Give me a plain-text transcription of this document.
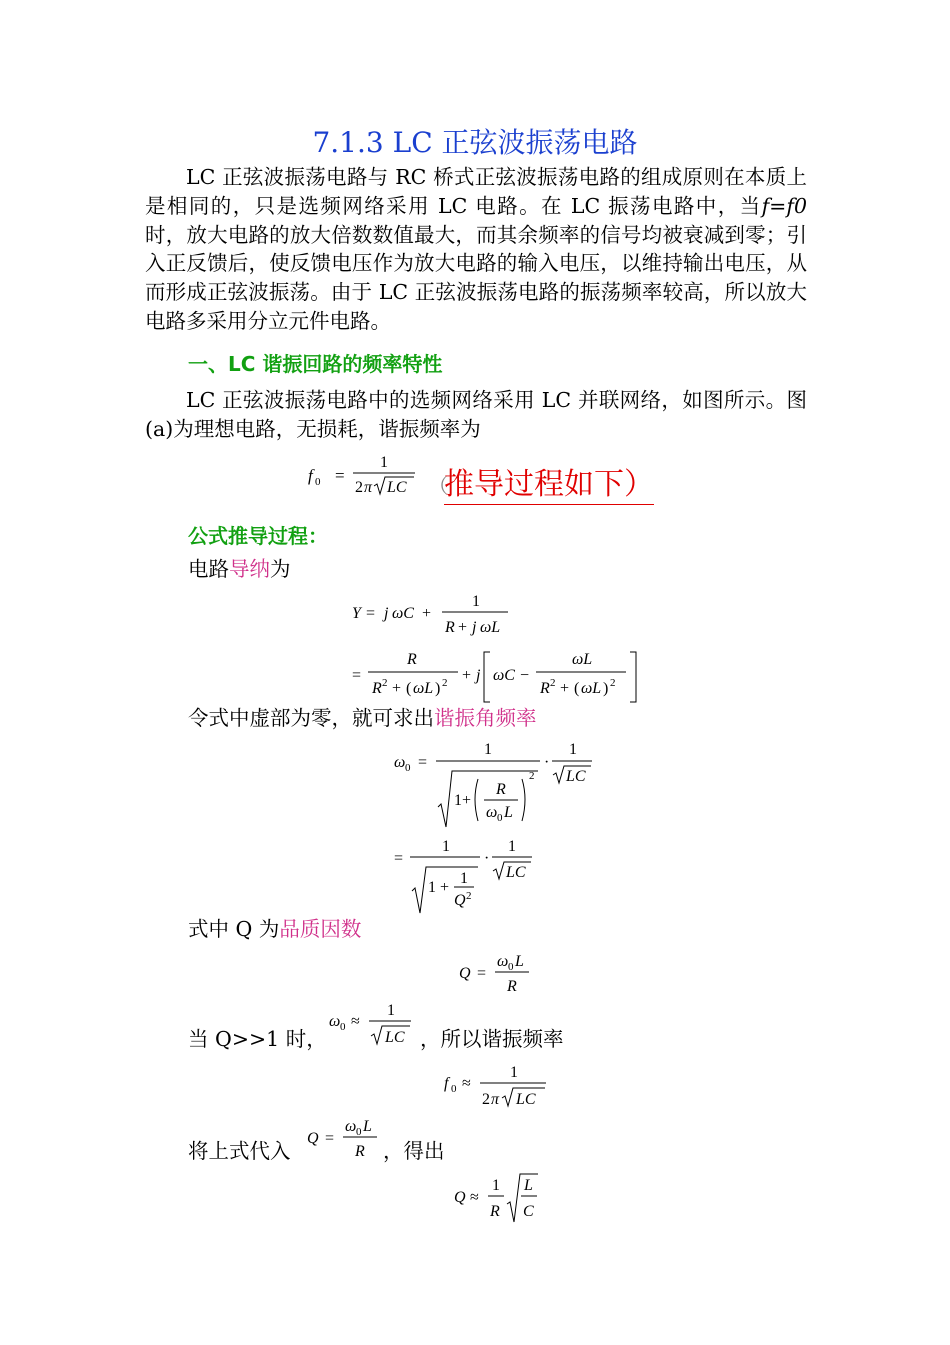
7.1.3 LC 正弦波振荡电路

LC 正弦波振荡电路与 RC 桥式正弦波振荡电路的组成原则在本质上是相同的，只是选频网络采用 LC 电路。在 LC 振荡电路中，当f=f0时，放大电路的放大倍数数值最大，而其余频率的信号均被衰减到零；引入正反馈后，使反馈电压作为放大电路的输入电压，以维持输出电压，从而形成正弦波振荡。由于 LC 正弦波振荡电路的振荡频率较高，所以放大电路多采用分立元件电路。

一、LC 谐振回路的频率特性

LC 正弦波振荡电路中的选频网络采用 LC 并联网络，如图所示。图(a)为理想电路，无损耗，谐振频率为

f 0 =
1
2 π LC （
推导过程如下）
公式推导过程：
电路导纳为
Y = j ωC +
1
R + j ωL
=
R
R 2 + ( ωL ) 2 + j ωC −
ωL
R 2 + ( ωL ) 2
令式中虚部为零，就可求出谐振角频率
ω 0 =
1
1+
R
ω 0 L
2
·
1
LC
=
1
1 +
1
Q 2
·
1
LC
式中 Q 为品质因数
Q =
ω 0 L
R
当 Q>>1 时，
ω 0 ≈
1
LC ，所以谐振频率
f 0 ≈
1
2 π LC
将上式代入
Q =
ω 0 L
R ，得出
Q ≈
1
R
L
C
